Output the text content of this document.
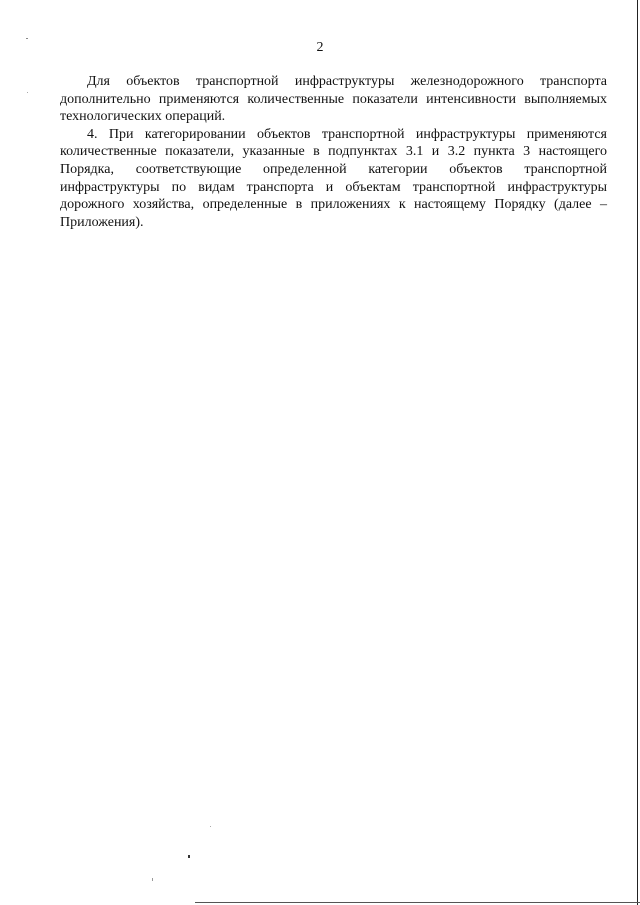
2

Для объектов транспортной инфраструктуры железнодорожного транспорта дополнительно применяются количественные показатели интенсивности выполняемых технологических операций.

4. При категорировании объектов транспортной инфраструктуры применяются количественные показатели, указанные в подпунктах 3.1 и 3.2 пункта 3 настоящего Порядка, соответствующие определенной категории объектов транспортной инфраструктуры по видам транспорта и объектам транспортной инфраструктуры дорожного хозяйства, определенные в приложениях к настоящему Порядку (далее – Приложения).
